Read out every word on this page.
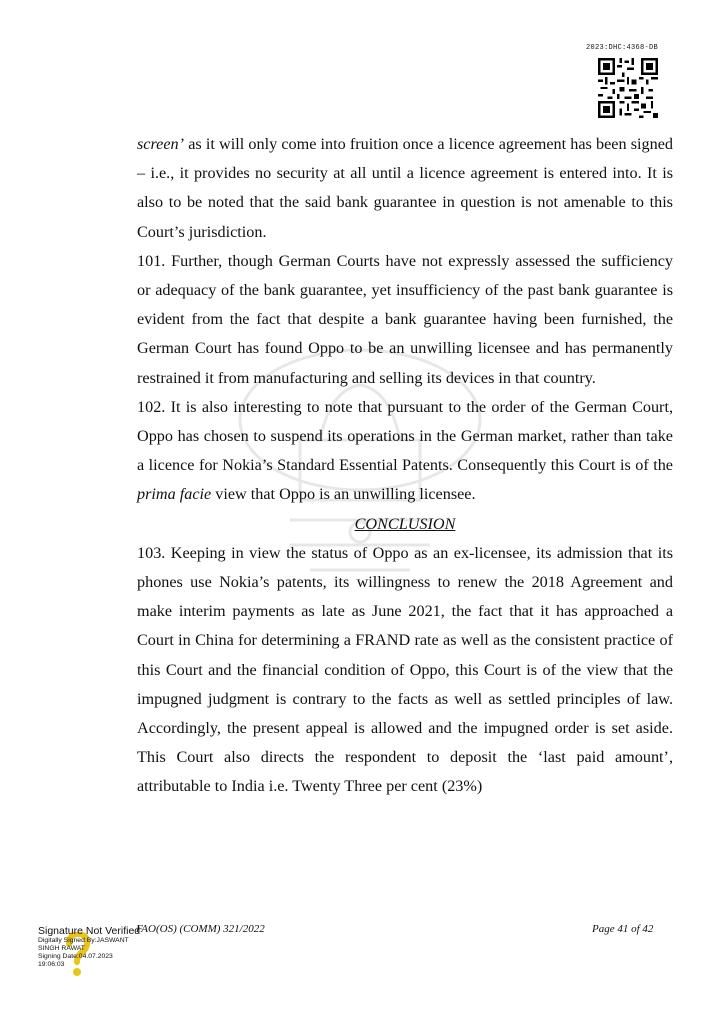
2023:DHC:4368-DB

screen’ as it will only come into fruition once a licence agreement has been signed – i.e., it provides no security at all until a licence agreement is entered into. It is also to be noted that the said bank guarantee in question is not amenable to this Court’s jurisdiction.

101. Further, though German Courts have not expressly assessed the sufficiency or adequacy of the bank guarantee, yet insufficiency of the past bank guarantee is evident from the fact that despite a bank guarantee having been furnished, the German Court has found Oppo to be an unwilling licensee and has permanently restrained it from manufacturing and selling its devices in that country.

102. It is also interesting to note that pursuant to the order of the German Court, Oppo has chosen to suspend its operations in the German market, rather than take a licence for Nokia’s Standard Essential Patents. Consequently this Court is of the prima facie view that Oppo is an unwilling licensee.

CONCLUSION

103. Keeping in view the status of Oppo as an ex-licensee, its admission that its phones use Nokia’s patents, its willingness to renew the 2018 Agreement and make interim payments as late as June 2021, the fact that it has approached a Court in China for determining a FRAND rate as well as the consistent practice of this Court and the financial condition of Oppo, this Court is of the view that the impugned judgment is contrary to the facts as well as settled principles of law. Accordingly, the present appeal is allowed and the impugned order is set aside. This Court also directs the respondent to deposit the ‘last paid amount’, attributable to India i.e. Twenty Three per cent (23%)

FAO(OS) (COMM) 321/2022	Page 41 of 42
Signature Not Verified
Digitally Signed By:JASWANT
SINGH RAWAT
Signing Date:04.07.2023
19:06:03
